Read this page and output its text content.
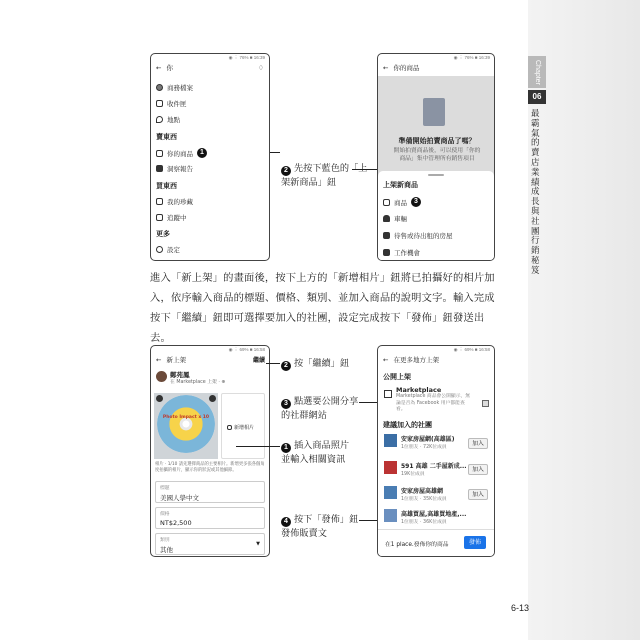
Chapter
06
最霸氣的賣店業績成長與社團行銷秘笈
◉ ⋮ 76% ■ 16:39
← 你	♢
商務檔案
收件匣
地點
賣東西
你的商品	1
洞察報告
買東西
我的珍藏
追蹤中
更多
設定
2 先按下藍色的「上架新商品」鈕
◉ ⋮ 76% ■ 16:39
← 你的商品
準備開始拍賣商品了嗎？
開始拍賣商品後，可以使用「你的商品」集中管理所有銷售項目
上架新商品
商品	3
車輛
待售或待出租的房屋
工作機會
進入「新上架」的畫面後，按下上方的「新增相片」鈕將已拍攝好的相片加入，依序輸入商品的標題、價格、類別、並加入商品的說明文字。輸入完成按下「繼續」鈕即可選擇要加入的社團，設定完成按下「發佈」鈕發送出去。
◉ ⋮ 69% ■ 16:58
← 新上架	繼續
鄭苑鳳
在 Marketplace 上架 · ⊕
Photo Impact x 10
新增相片
相片 · 1/10 請先選擇商品的主要相片。新增更多張各個角度拍攝的相片，顯示你的狀況或其他細節。
標題
美國人學中文
價格
NT$2,500
類別
其他
▼
2 按「繼續」鈕
3 點選要公開分享的社群網站
1 插入商品照片並輸入相關資訊
4 按下「發佈」鈕發佈販賣文
◉ ⋮ 69% ■ 16:58
← 在更多地方上架
公開上架
Marketplace
Marketplace 商品會公開顯示，無論是否為 Facebook 用戶都能查看。
建議加入的社團
安家房屋網(高雄區)
1位朋友 · 72K位成員
加入
591 高雄 二手屋新成...
19K位成員
加入
安家房屋高雄網
1位朋友 · 35K位成員
加入
高雄買屋,高雄買地產,...
1位朋友 · 36K位成員
在1 place.發佈你的商品	發佈
6-13
